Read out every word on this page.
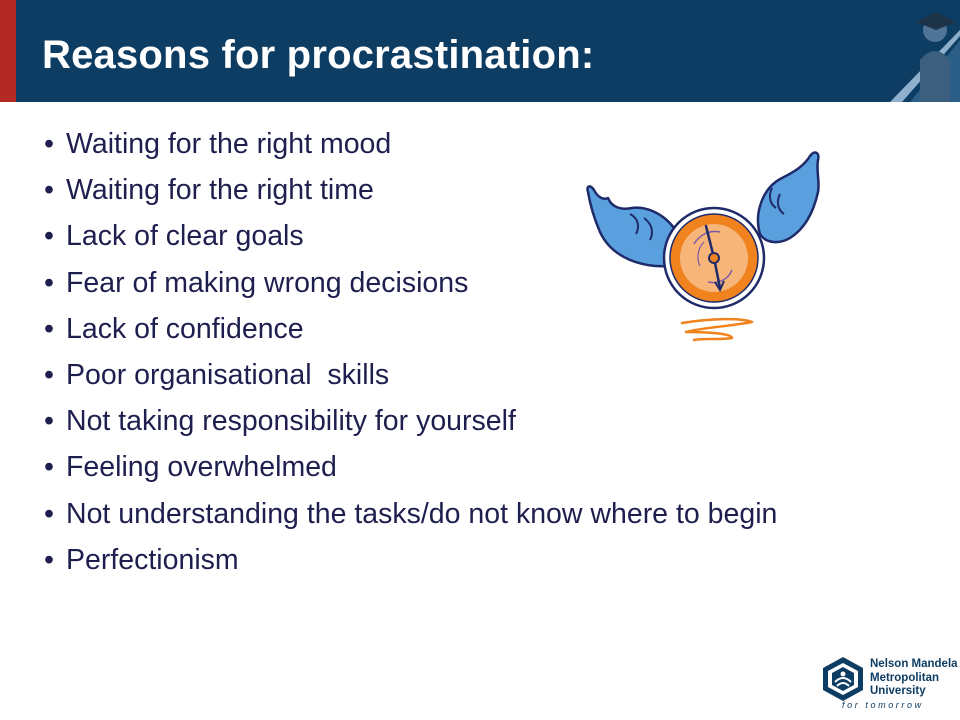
Reasons for procrastination:
• Waiting for the right mood
• Waiting for the right time
• Lack of clear goals
• Fear of making wrong decisions
• Lack of confidence
• Poor organisational  skills
• Not taking responsibility for yourself
• Feeling overwhelmed
• Not understanding the tasks/do not know where to begin
• Perfectionism
Nelson Mandela
Metropolitan
University
for tomorrow
